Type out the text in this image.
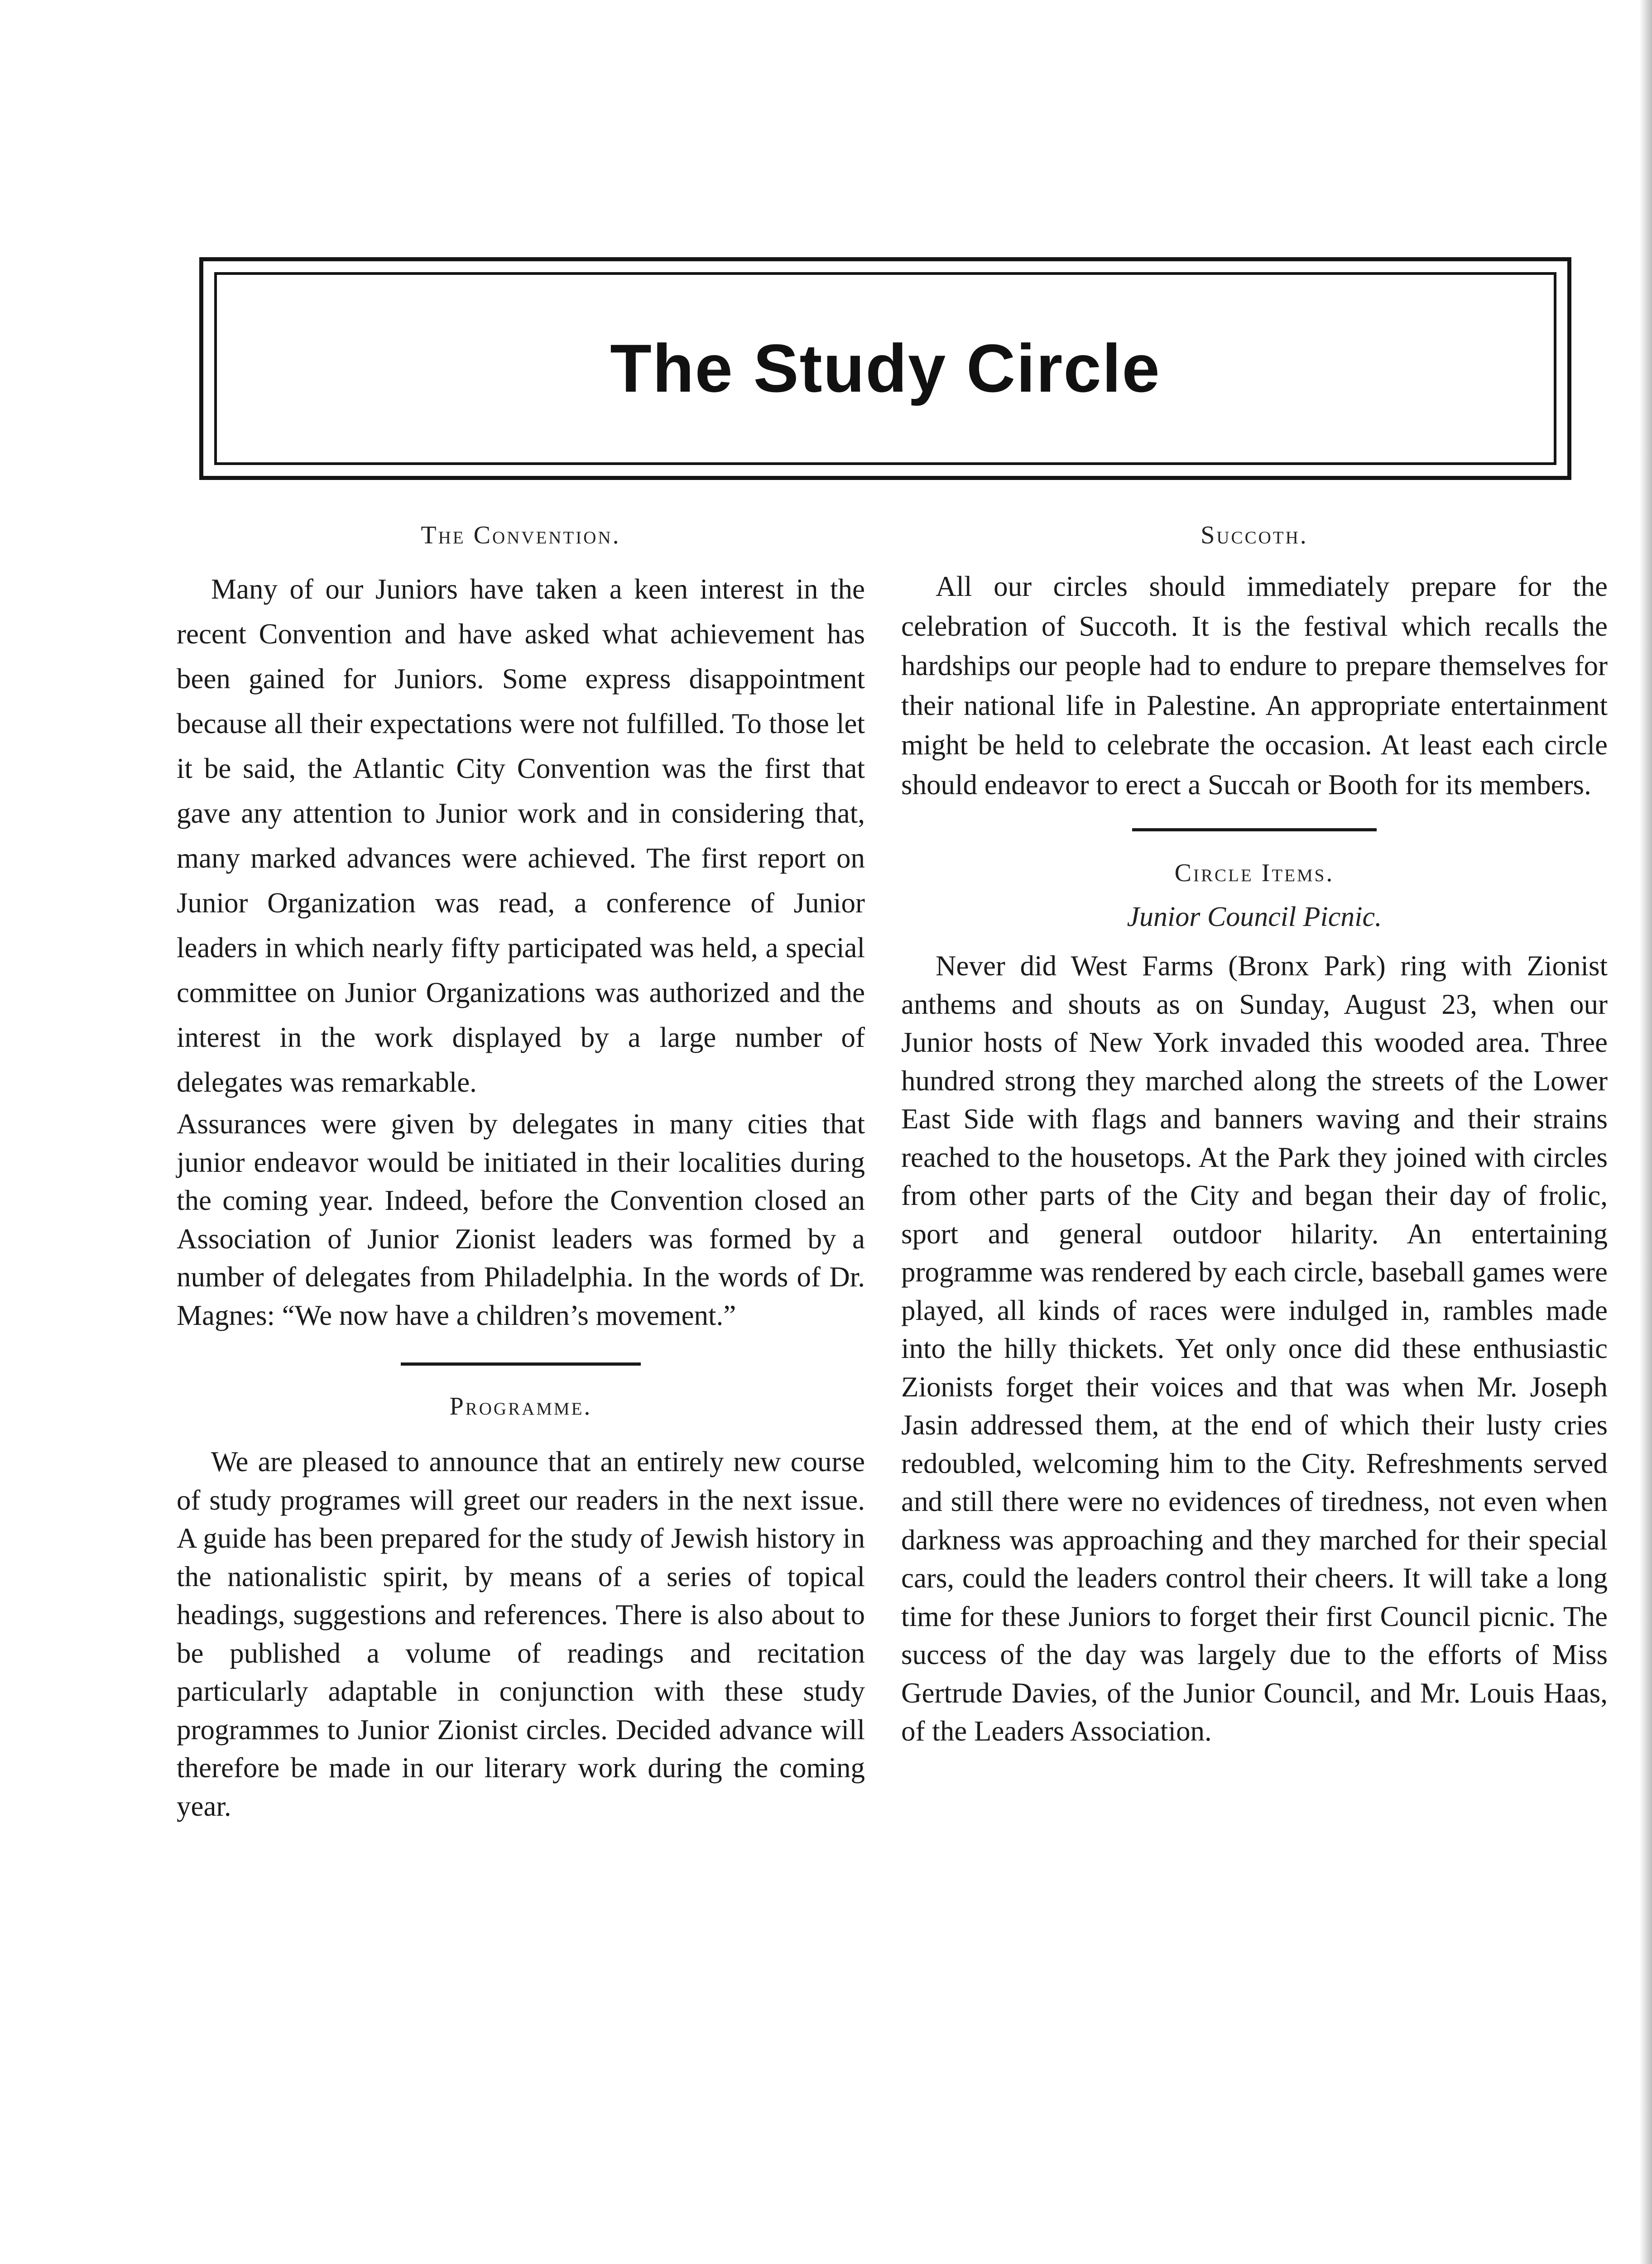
The Study Circle
The Convention.

Many of our Juniors have taken a keen interest in the recent Convention and have asked what achievement has been gained for Juniors. Some express disappointment because all their expectations were not fulfilled. To those let it be said, the Atlantic City Convention was the first that gave any attention to Junior work and in considering that, many marked advances were achieved. The first report on Junior Organization was read, a conference of Junior leaders in which nearly fifty participated was held, a special committee on Junior Organizations was authorized and the interest in the work displayed by a large number of delegates was remarkable.

Assurances were given by delegates in many cities that junior endeavor would be initiated in their localities during the coming year. Indeed, before the Convention closed an Association of Junior Zionist leaders was formed by a number of delegates from Philadelphia. In the words of Dr. Magnes: “We now have a children’s movement.”

Programme.

We are pleased to announce that an entirely new course of study programes will greet our readers in the next issue. A guide has been prepared for the study of Jewish history in the nationalistic spirit, by means of a series of topical headings, suggestions and references. There is also about to be published a volume of readings and recitation particularly adaptable in conjunction with these study programmes to Junior Zionist circles. Decided advance will therefore be made in our literary work during the coming year.

Succoth.

All our circles should immediately prepare for the celebration of Succoth. It is the festival which recalls the hardships our people had to endure to prepare themselves for their national life in Palestine. An appropriate entertainment might be held to celebrate the occasion. At least each circle should endeavor to erect a Succah or Booth for its members.

Circle Items.
Junior Council Picnic.

Never did West Farms (Bronx Park) ring with Zionist anthems and shouts as on Sunday, August 23, when our Junior hosts of New York invaded this wooded area. Three hundred strong they marched along the streets of the Lower East Side with flags and banners waving and their strains reached to the housetops. At the Park they joined with circles from other parts of the City and began their day of frolic, sport and general outdoor hilarity. An entertaining programme was rendered by each circle, baseball games were played, all kinds of races were indulged in, rambles made into the hilly thickets. Yet only once did these enthusiastic Zionists forget their voices and that was when Mr. Joseph Jasin addressed them, at the end of which their lusty cries redoubled, welcoming him to the City. Refreshments served and still there were no evidences of tiredness, not even when darkness was approaching and they marched for their special cars, could the leaders control their cheers. It will take a long time for these Juniors to forget their first Council picnic. The success of the day was largely due to the efforts of Miss Gertrude Davies, of the Junior Council, and Mr. Louis Haas, of the Leaders Association.
